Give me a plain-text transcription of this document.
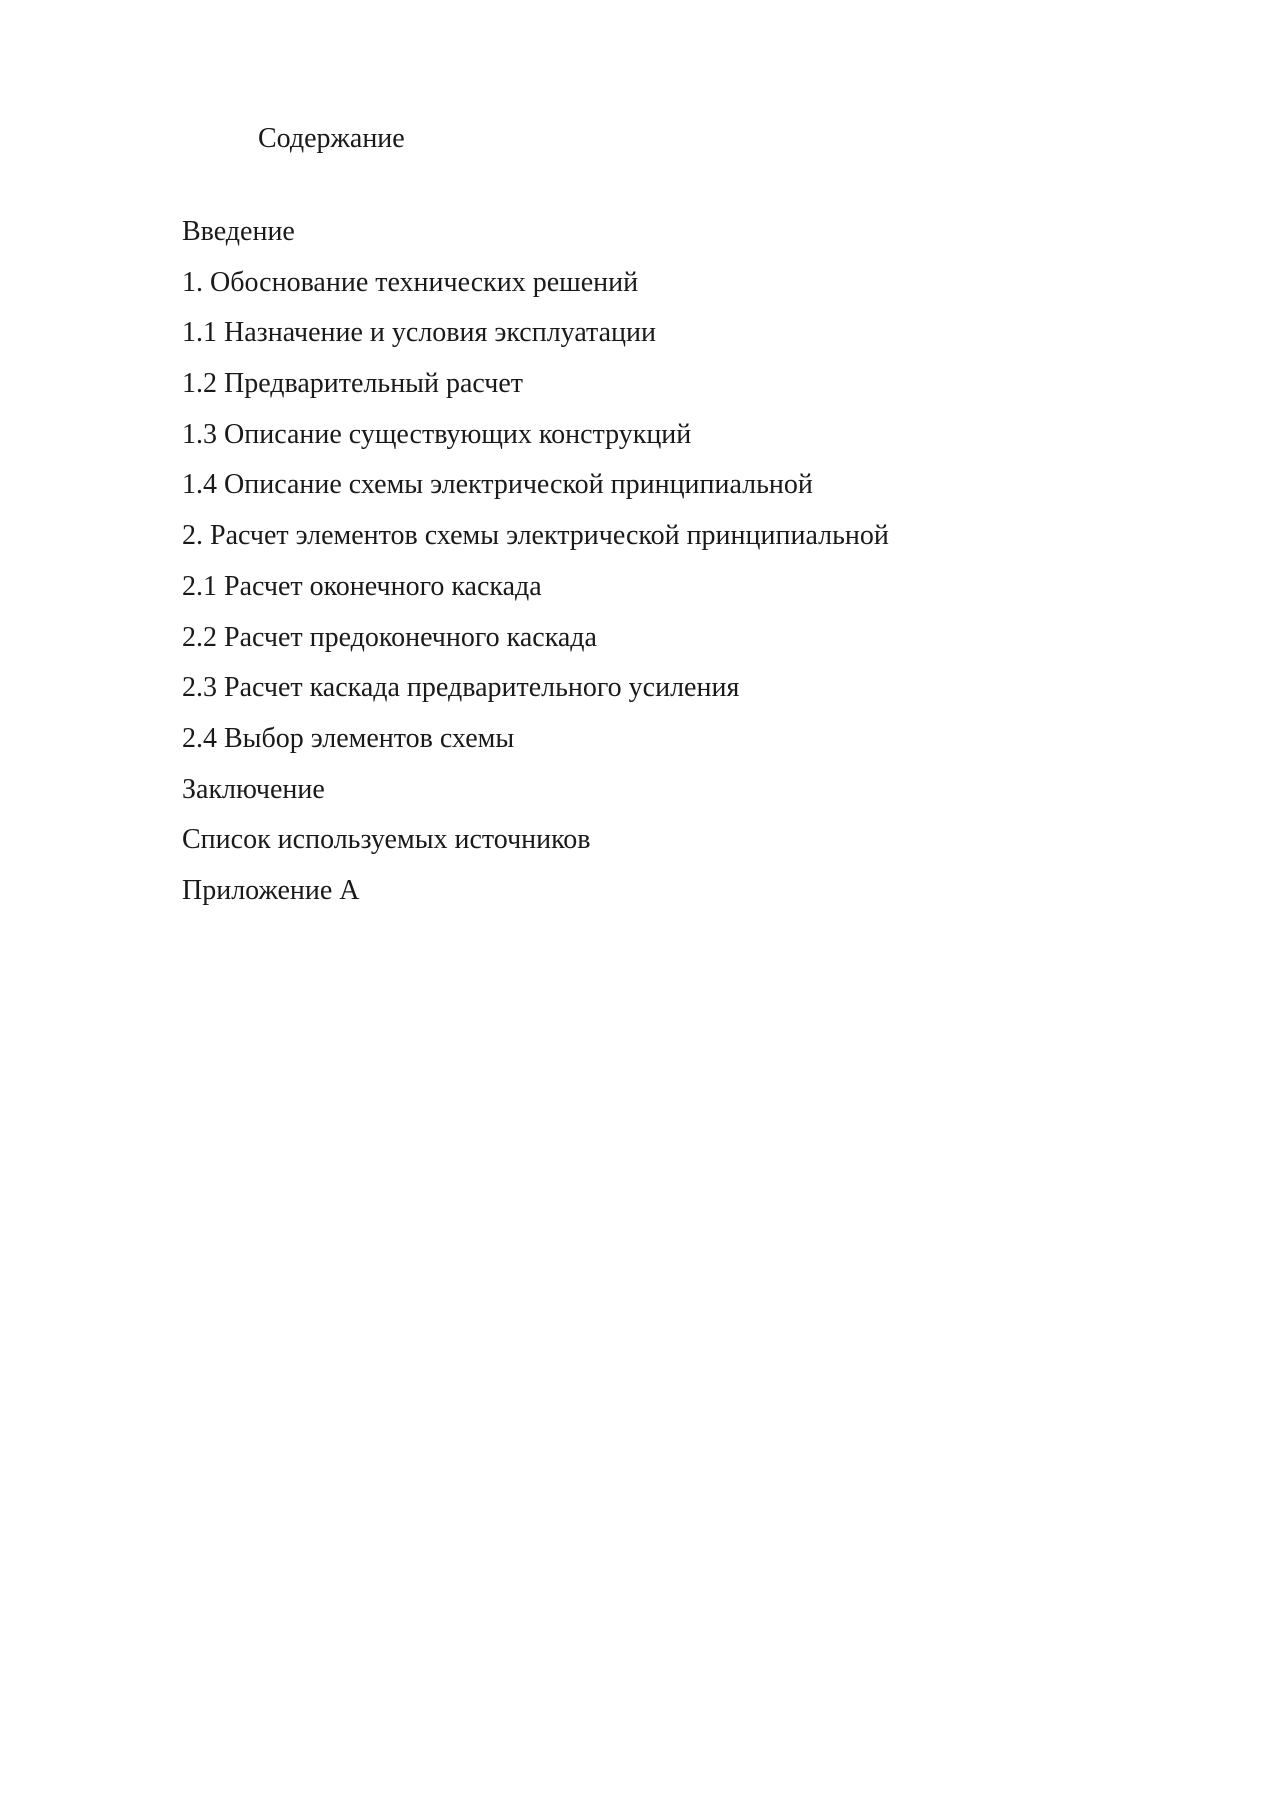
Содержание
Введение
1. Обоснование технических решений
1.1 Назначение и условия эксплуатации
1.2 Предварительный расчет
1.3 Описание существующих конструкций
1.4 Описание схемы электрической принципиальной
2. Расчет элементов схемы электрической принципиальной
2.1 Расчет оконечного каскада
2.2 Расчет предоконечного каскада
2.3 Расчет каскада предварительного усиления
2.4 Выбор элементов схемы
Заключение
Список используемых источников
Приложение А
